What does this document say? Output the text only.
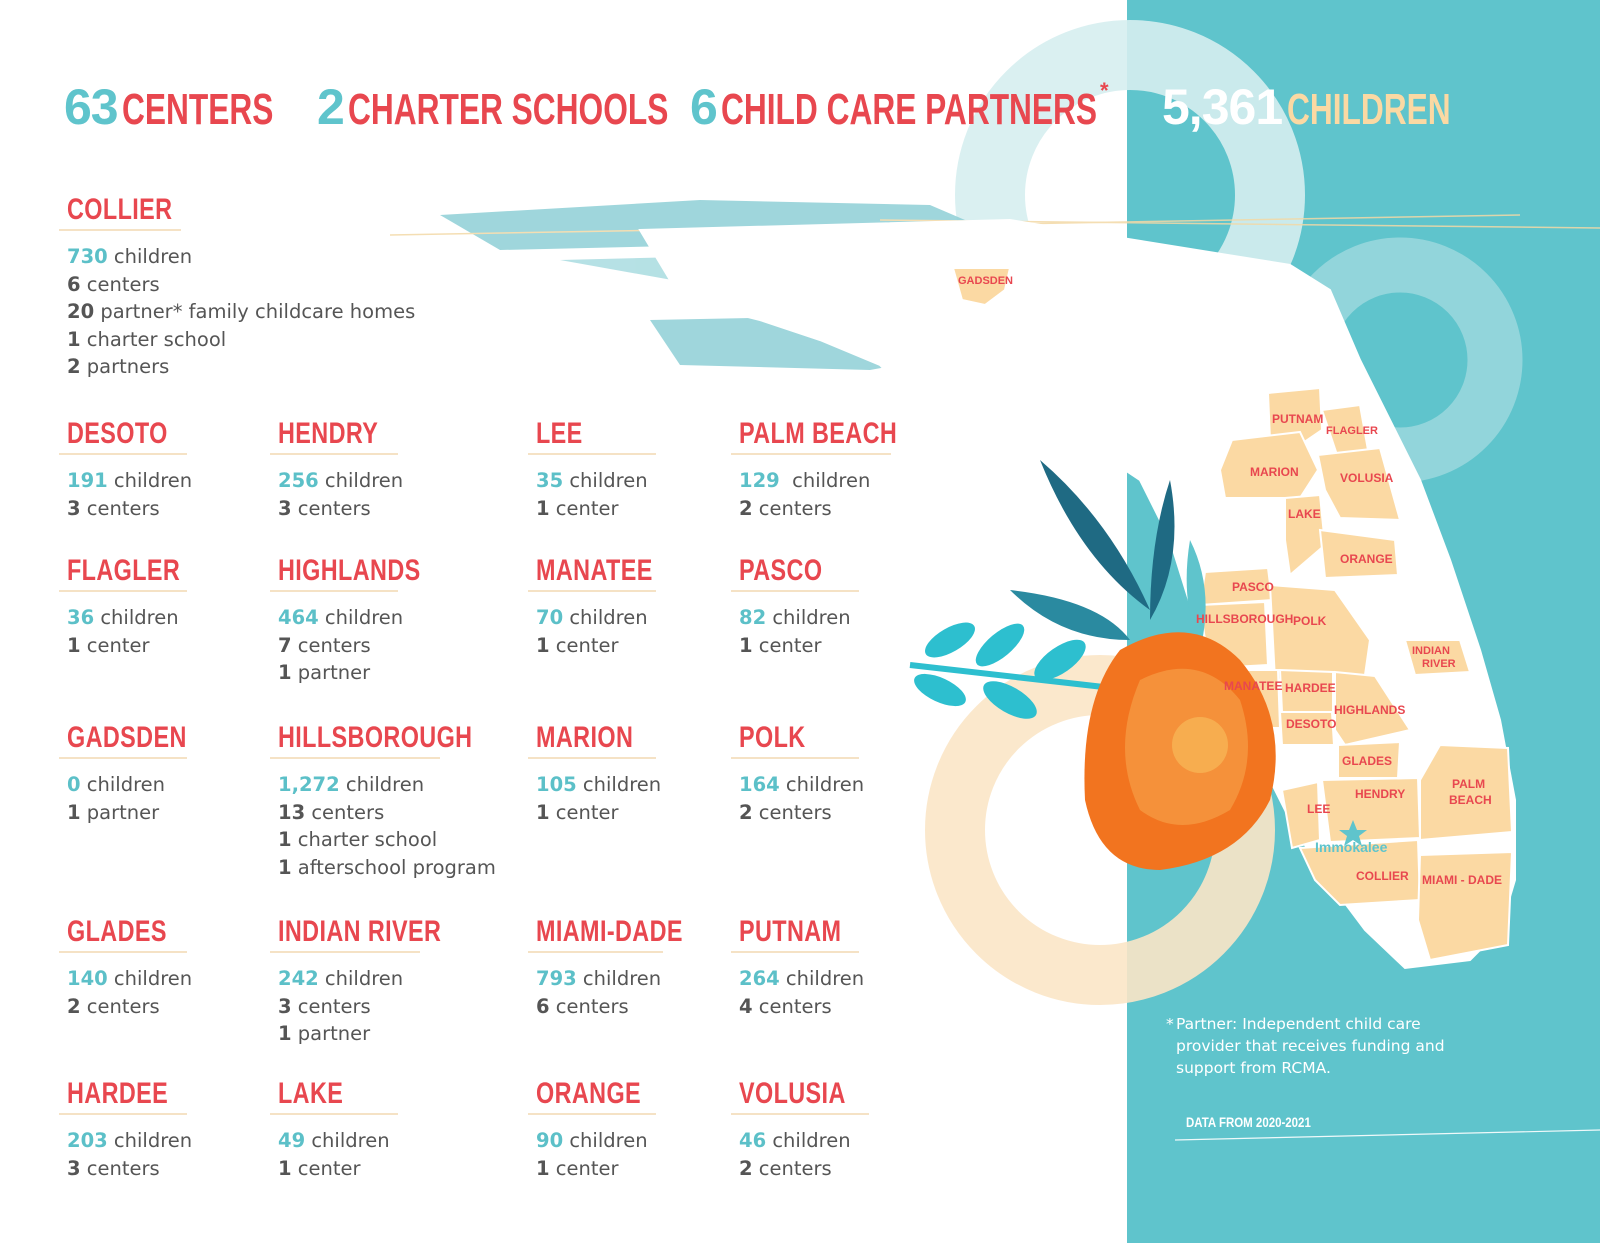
63 CENTERS 2 CHARTER SCHOOLS 6 CHILD CARE PARTNERS * 5,361 CHILDREN
COLLIER
730 children
6 centers
20 partner* family childcare homes
1 charter school
2 partners
DESOTO
191 children
3 centers
HENDRY
256 children
3 centers
LEE
35 children
1 center
PALM BEACH
129  children
2 centers
FLAGLER
36 children
1 center
HIGHLANDS
464 children
7 centers
1 partner
MANATEE
70 children
1 center
PASCO
82 children
1 center
GADSDEN
0 children
1 partner
HILLSBOROUGH
1,272 children
13 centers
1 charter school
1 afterschool program
MARION
105 children
1 center
POLK
164 children
2 centers
GLADES
140 children
2 centers
INDIAN RIVER
242 children
3 centers
1 partner
MIAMI-DADE
793 children
6 centers
PUTNAM
264 children
4 centers
HARDEE
203 children
3 centers
LAKE
49 children
1 center
ORANGE
90 children
1 center
VOLUSIA
46 children
2 centers
GADSDEN
PUTNAM
FLAGLER
MARION	VOLUSIA
LAKE
ORANGE
PASCO
HILLSBOROUGH POLK
INDIAN
RIVER
MANATEE HARDEE
HIGHLANDS
DESOTO
GLADES
HENDRY
LEE
PALM
BEACH
Immokalee
COLLIER MIAMI - DADE
* Partner: Independent child care provider that receives funding and support from RCMA.
DATA FROM 2020-2021
